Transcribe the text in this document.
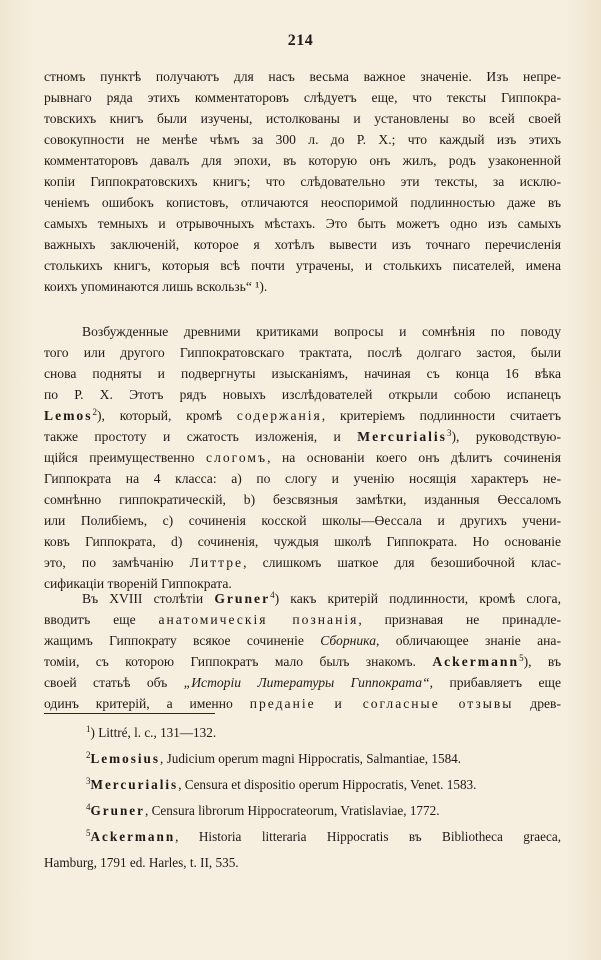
214
стномъ пунктѣ получаютъ для насъ весьма важное значеніе. Изъ непре-
рывнаго ряда этихъ комментаторовъ слѣдуетъ еще, что тексты Гиппокра-
товскихъ книгъ были изучены, истолкованы и установлены во всей своей
совокупности не менѣе чѣмъ за 300 л. до Р. Х.; что каждый изъ этихъ
комментаторовъ давалъ для эпохи, въ которую онъ жилъ, родъ узаконенной
копіи Гиппократовскихъ книгъ; что слѣдовательно эти тексты, за исклю-
ченіемъ ошибокъ копистовъ, отличаются неоспоримой подлинностью даже въ
самыхъ темныхъ и отрывочныхъ мѣстахъ. Это быть можетъ одно изъ самыхъ
важныхъ заключеній, которое я хотѣлъ вывести изъ точнаго перечисленія
столькихъ книгъ, которыя всѣ почти утрачены, и столькихъ писателей, имена
коихъ упоминаются лишь вскользь“ ¹).
Возбужденные древними критиками вопросы и сомнѣнія по поводу
того или другого Гиппократовскаго трактата, послѣ долгаго застоя, были
снова подняты и подвергнуты изысканіямъ, начиная съ конца 16 вѣка
по Р. Х. Этотъ рядъ новыхъ изслѣдователей открыли собою испанецъ
Lemos$^2$), который, кромѣ содержанія, критеріемъ подлинности считаетъ
также простоту и сжатость изложенія, и Mercurialis$^3$), руководствую-
щійся преимущественно слогомъ, на основаніи коего онъ дѣлитъ сочиненія
Гиппократа на 4 класса: a) по слогу и ученію носящія характеръ не-
сомнѣнно гиппократическій, b) безсвязныя замѣтки, изданныя Өессаломъ
или Полибіемъ, c) сочиненія косской школы—Өессала и другихъ учени-
ковъ Гиппократа, d) сочиненія, чуждыя школѣ Гиппократа. Но основаніе
это, по замѣчанію Литтре, слишкомъ шаткое для безошибочной клас-
сификаціи твореній Гиппократа.
Въ XVIII столѣтіи Gruner$^4$) какъ критерій подлинности, кромѣ слога,
вводитъ еще анатомическія познанія, признавая не принадле-
жащимъ Гиппократу всякое сочиненіе Сборника, обличающее знаніе ана-
томіи, съ которою Гиппократъ мало былъ знакомъ. Ackermann$^5$), въ
своей статьѣ объ „Исторіи Литературы Гиппократа“, прибавляетъ еще
одинъ критерій, а именно преданіе и согласные отзывы древ-
$^1$) Littré, l. c., 131—132.
$^2$Lemosius, Judicium operum magni Hippocratis, Salmantiae, 1584.
$^3$Mercurialis, Censura et dispositio operum Hippocratis, Venet. 1583.
$^4$Gruner, Censura librorum Hippocrateorum, Vratislaviae, 1772.
$^5$Ackermann, Historia litteraria Hippocratis въ Bibliotheca graeca,
Hamburg, 1791 ed. Harles, t. II, 535.
